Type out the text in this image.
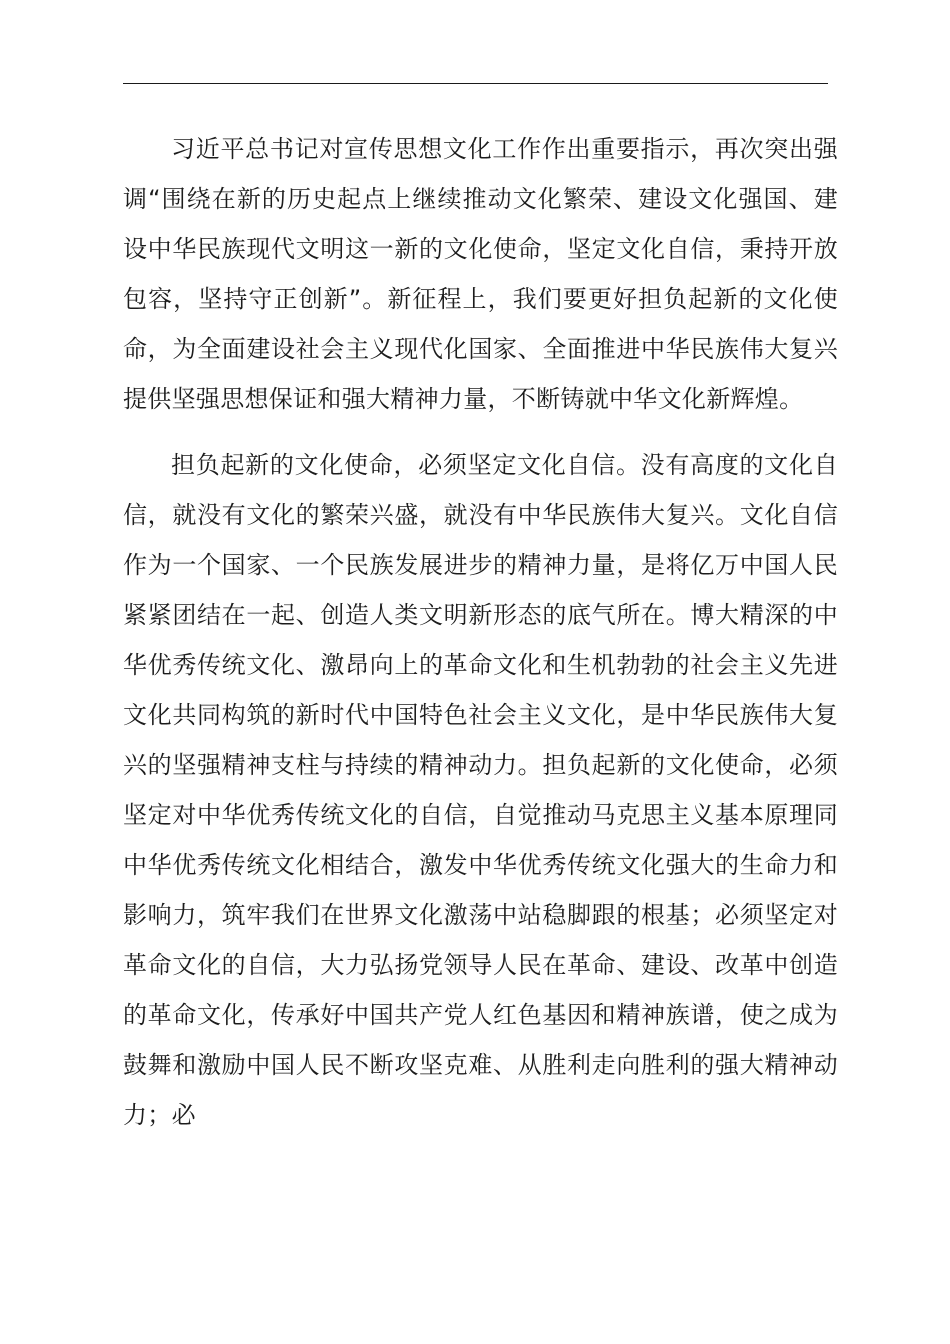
习近平总书记对宣传思想文化工作作出重要指示，再次突出强调“围绕在新的历史起点上继续推动文化繁荣、建设文化强国、建设中华民族现代文明这一新的文化使命，坚定文化自信，秉持开放包容，坚持守正创新”。新征程上，我们要更好担负起新的文化使命，为全面建设社会主义现代化国家、全面推进中华民族伟大复兴提供坚强思想保证和强大精神力量，不断铸就中华文化新辉煌。

担负起新的文化使命，必须坚定文化自信。没有高度的文化自信，就没有文化的繁荣兴盛，就没有中华民族伟大复兴。文化自信作为一个国家、一个民族发展进步的精神力量，是将亿万中国人民紧紧团结在一起、创造人类文明新形态的底气所在。博大精深的中华优秀传统文化、激昂向上的革命文化和生机勃勃的社会主义先进文化共同构筑的新时代中国特色社会主义文化，是中华民族伟大复兴的坚强精神支柱与持续的精神动力。担负起新的文化使命，必须坚定对中华优秀传统文化的自信，自觉推动马克思主义基本原理同中华优秀传统文化相结合，激发中华优秀传统文化强大的生命力和影响力，筑牢我们在世界文化激荡中站稳脚跟的根基；必须坚定对革命文化的自信，大力弘扬党领导人民在革命、建设、改革中创造的革命文化，传承好中国共产党人红色基因和精神族谱，使之成为鼓舞和激励中国人民不断攻坚克难、从胜利走向胜利的强大精神动力；必
